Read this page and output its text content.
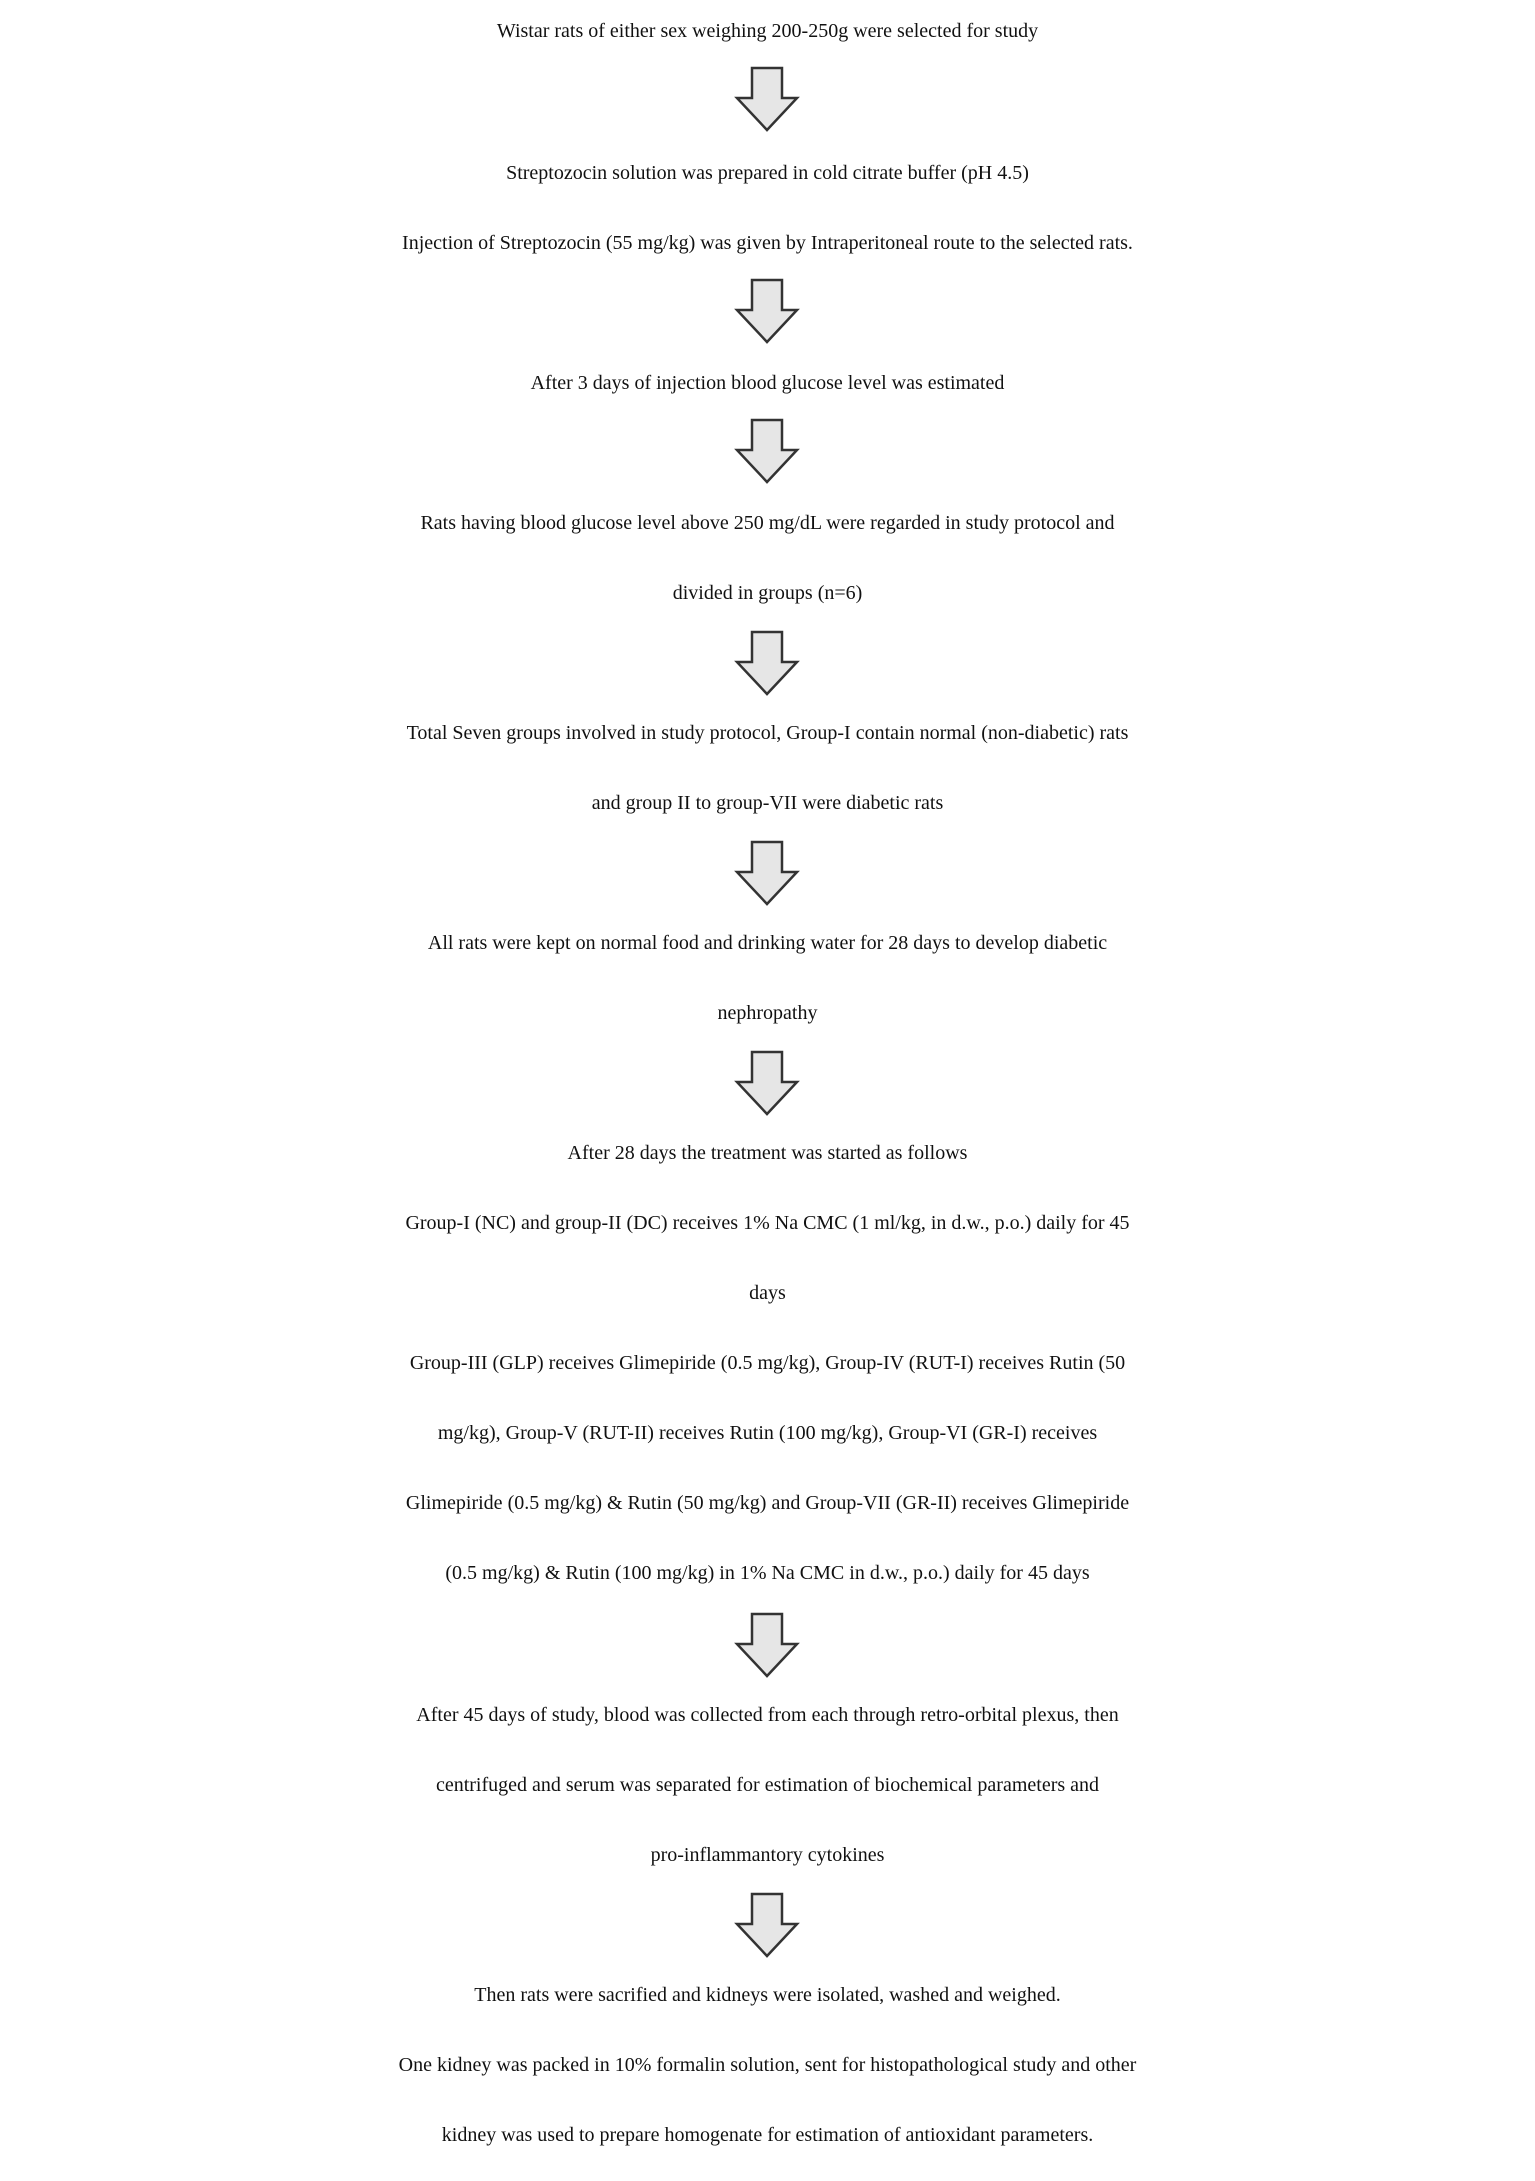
Wistar rats of either sex weighing 200-250g were selected for study
Streptozocin solution was prepared in cold citrate buffer (pH 4.5)
Injection of Streptozocin (55 mg/kg) was given by Intraperitoneal route to the selected rats.
After 3 days of injection blood glucose level was estimated
Rats having blood glucose level above 250 mg/dL were regarded in study protocol and
divided in groups (n=6)
Total Seven groups involved in study protocol, Group-I contain normal (non-diabetic) rats
and group II to group-VII were diabetic rats
All rats were kept on normal food and drinking water for 28 days to develop diabetic
nephropathy
After 28 days the treatment was started as follows
Group-I (NC) and group-II (DC) receives 1% Na CMC (1 ml/kg, in d.w., p.o.) daily for 45
days
Group-III (GLP) receives Glimepiride (0.5 mg/kg), Group-IV (RUT-I) receives Rutin (50
mg/kg), Group-V (RUT-II) receives Rutin (100 mg/kg), Group-VI (GR-I) receives
Glimepiride (0.5 mg/kg) & Rutin (50 mg/kg) and Group-VII (GR-II) receives Glimepiride
(0.5 mg/kg) & Rutin (100 mg/kg) in 1% Na CMC in d.w., p.o.) daily for 45 days
After 45 days of study, blood was collected from each through retro-orbital plexus, then
centrifuged and serum was separated for estimation of biochemical parameters and
pro-inflammantory cytokines
Then rats were sacrified and kidneys were isolated, washed and weighed.
One kidney was packed in 10% formalin solution, sent for histopathological study and other
kidney was used to prepare homogenate for estimation of antioxidant parameters.
